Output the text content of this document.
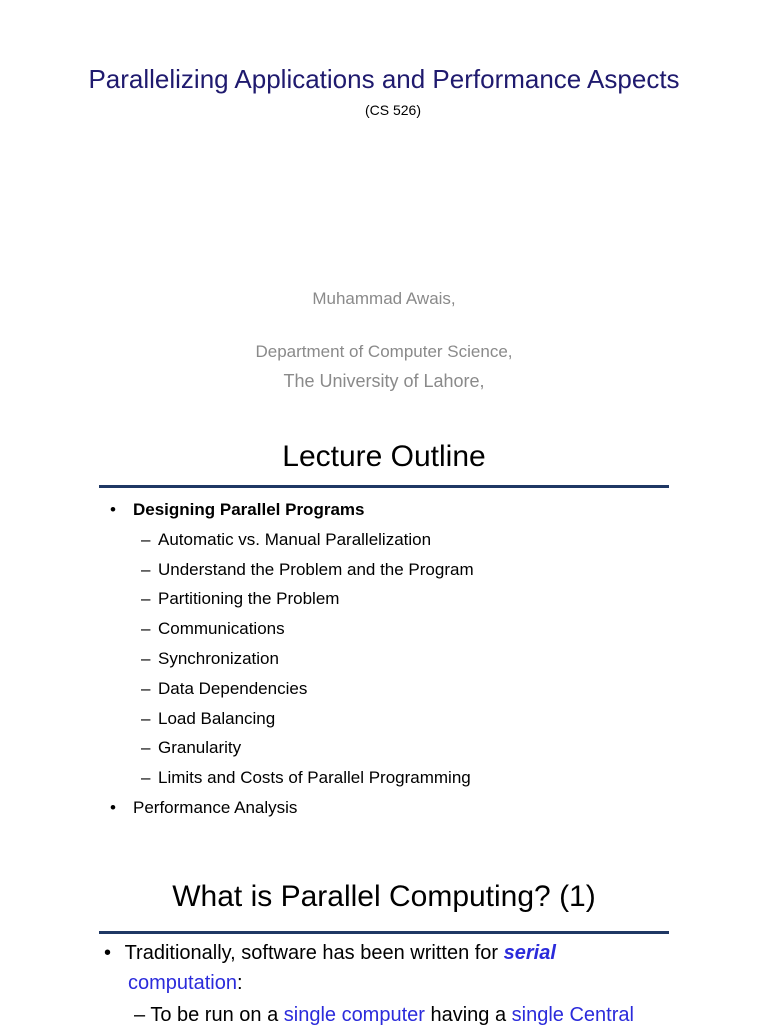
Parallelizing Applications and Performance Aspects
(CS 526)
Muhammad Awais,
Department of Computer Science,
The University of Lahore,
Lecture Outline
• Designing Parallel Programs
– Automatic vs. Manual Parallelization
– Understand the Problem and the Program
– Partitioning the Problem
– Communications
– Synchronization
– Data Dependencies
– Load Balancing
– Granularity
– Limits and Costs of Parallel Programming
• Performance Analysis
What is Parallel Computing? (1)
• Traditionally, software has been written for serial
computation:
– To be run on a single computer having a single Central
